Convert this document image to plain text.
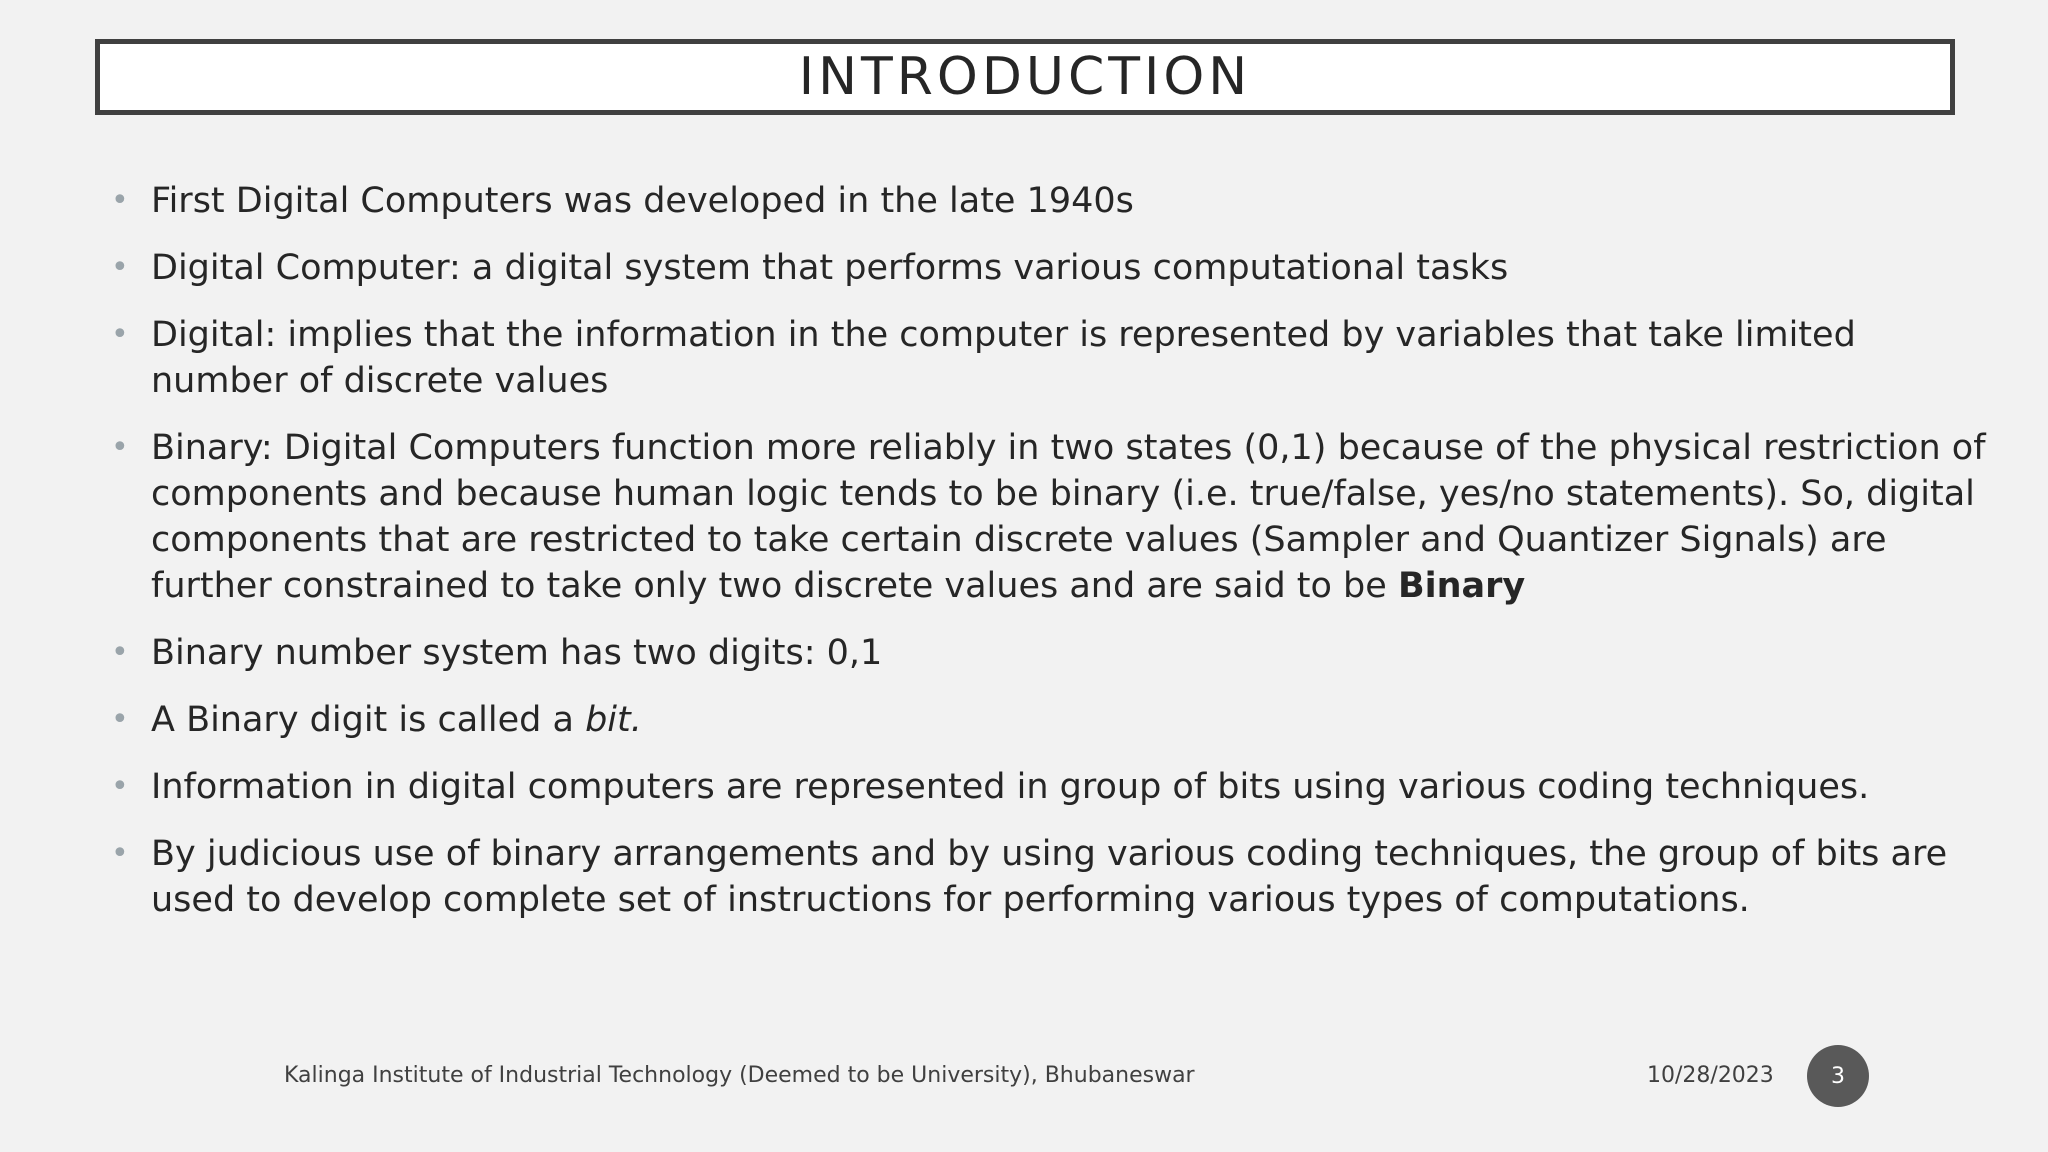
INTRODUCTION
• First Digital Computers was developed in the late 1940s
• Digital Computer: a digital system that performs various computational tasks
• Digital: implies that the information in the computer is represented by variables that take limited number of discrete values
• Binary: Digital Computers function more reliably in two states (0,1) because of the physical restriction of components and because human logic tends to be binary (i.e. true/false, yes/no statements). So, digital components that are restricted to take certain discrete values (Sampler and Quantizer Signals) are further constrained to take only two discrete values and are said to be Binary
• Binary number system has two digits: 0,1
• A Binary digit is called a bit.
• Information in digital computers are represented in group of bits using various coding techniques.
• By judicious use of binary arrangements and by using various coding techniques, the group of bits are used to develop complete set of instructions for performing various types of computations.
Kalinga Institute of Industrial Technology (Deemed to be University), Bhubaneswar	10/28/2023	3
